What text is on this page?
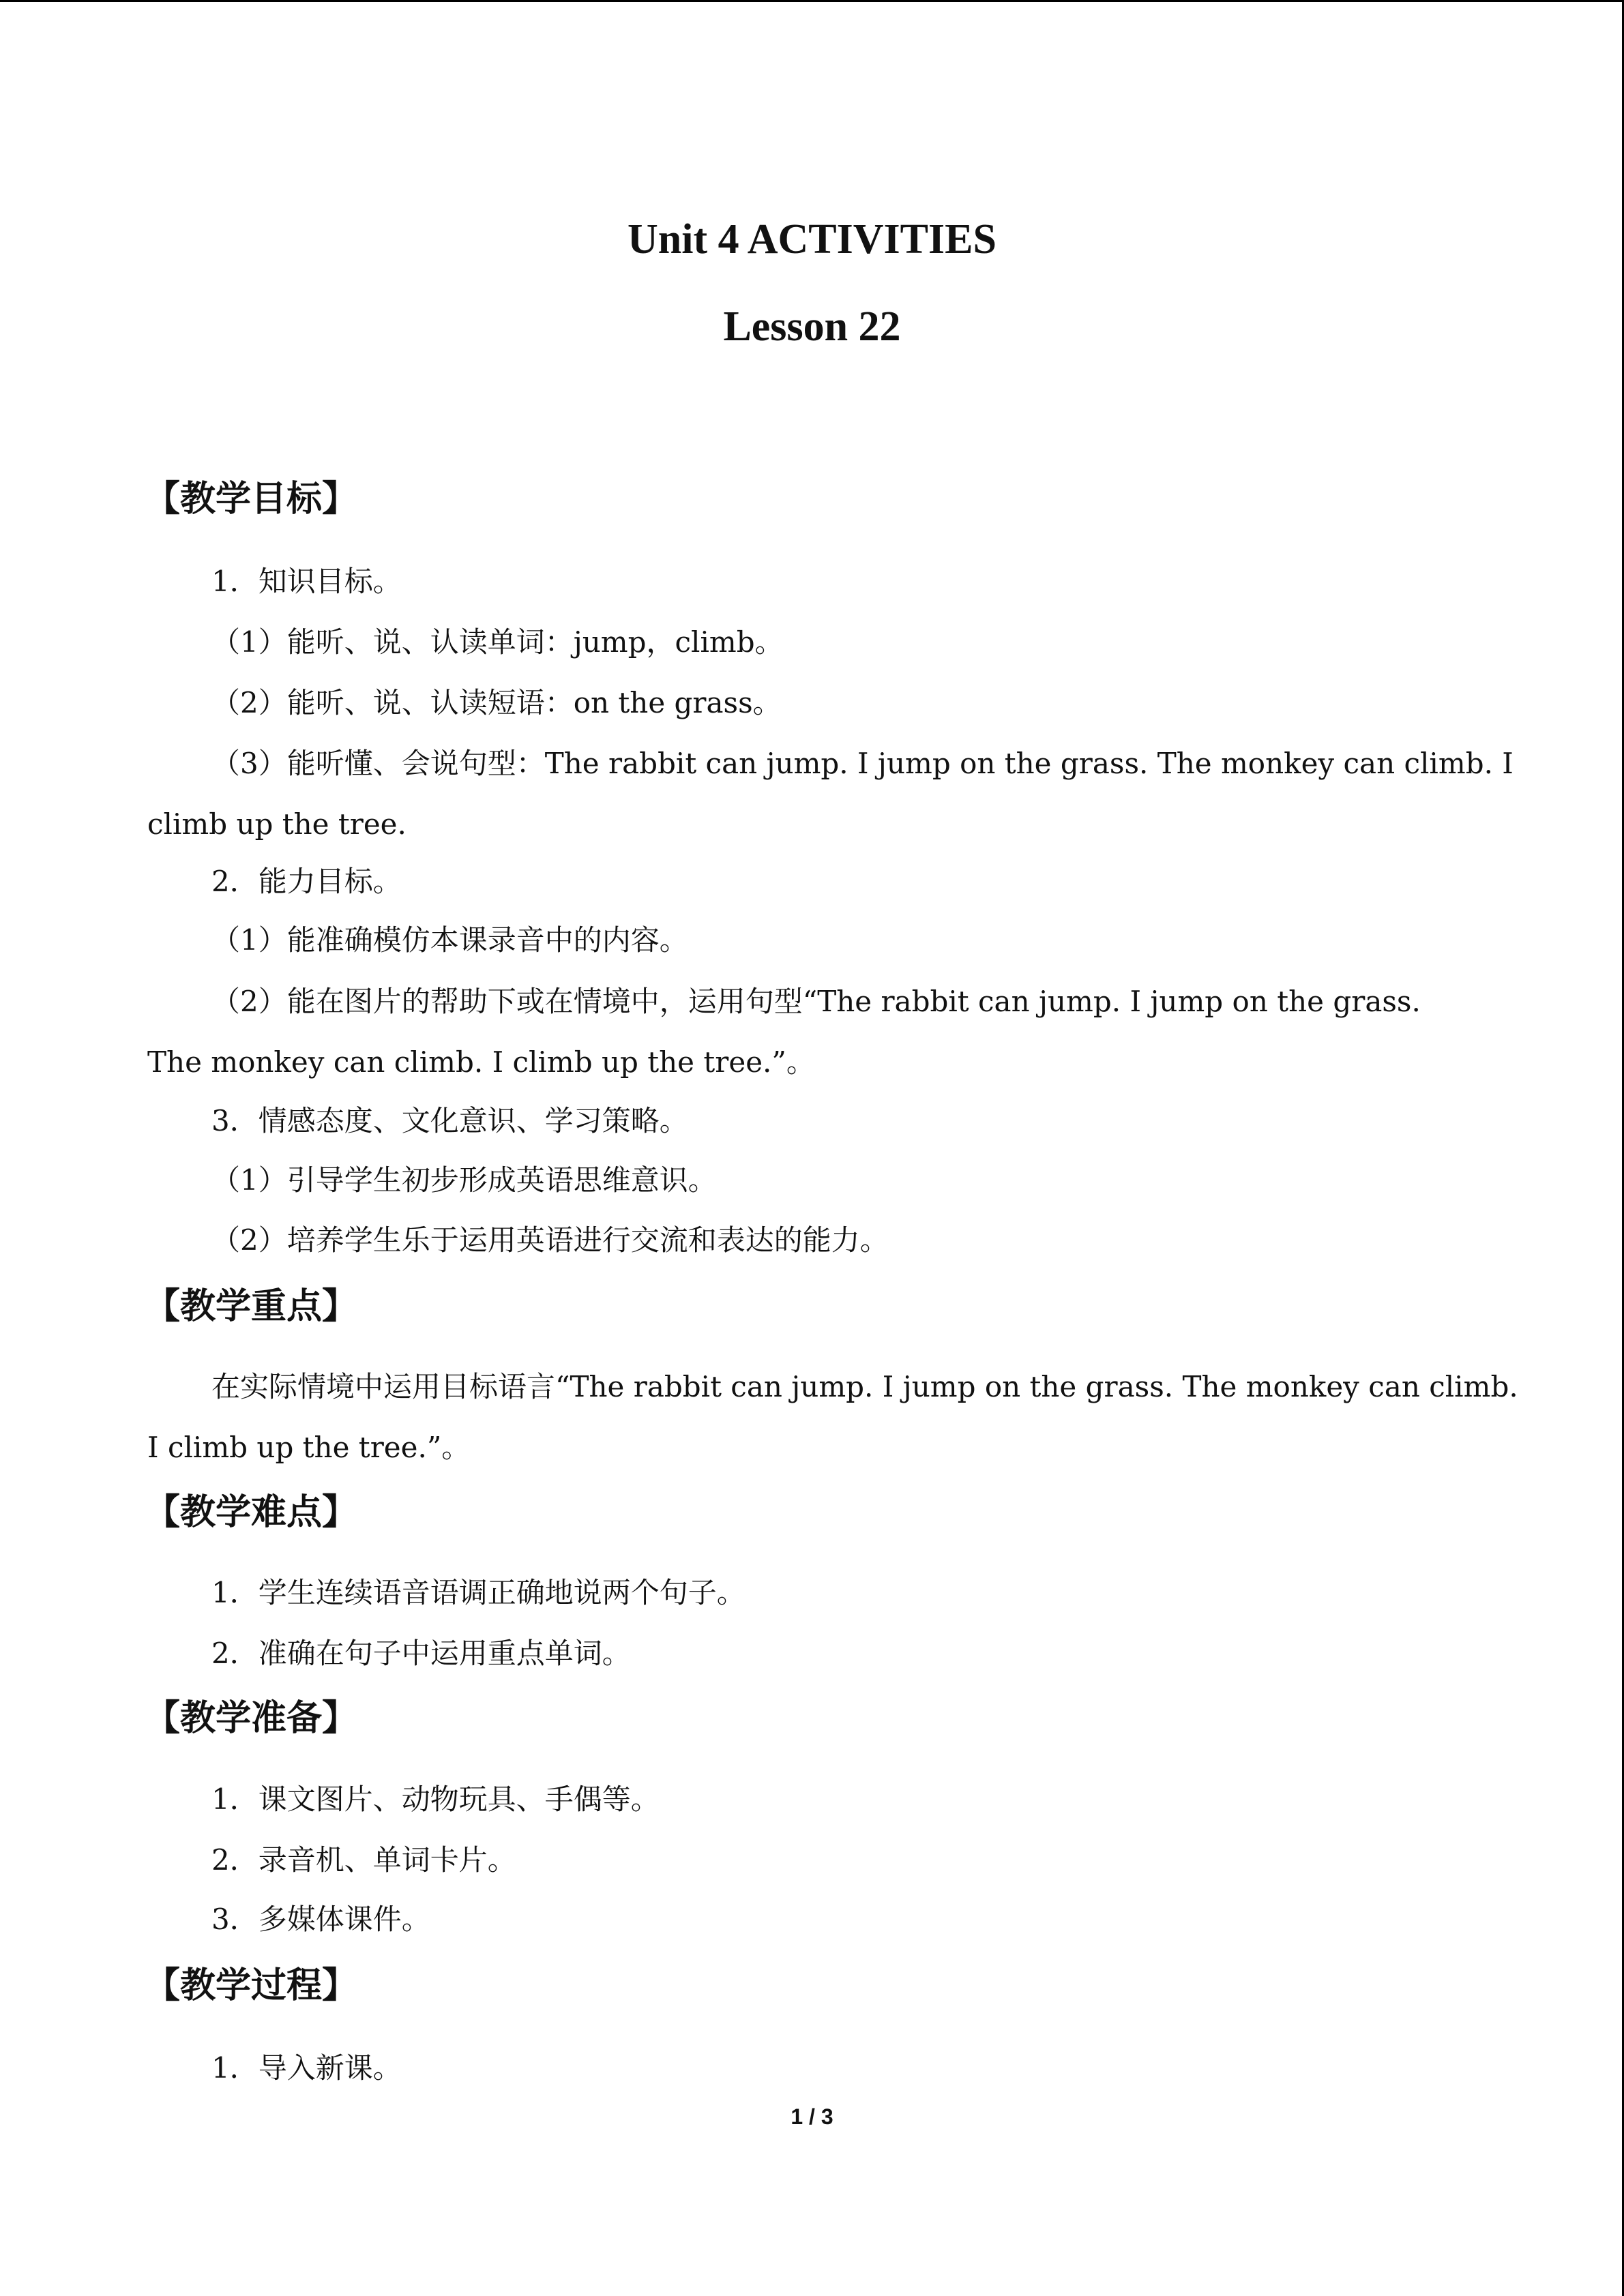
Unit 4 ACTIVITIES
Lesson 22
【教学目标】
1．知识目标。
（1）能听、说、认读单词：jump，climb。
（2）能听、说、认读短语：on the grass。
（3）能听懂、会说句型：The rabbit can jump. I jump on the grass. The monkey can climb. I
climb up the tree.
2．能力目标。
（1）能准确模仿本课录音中的内容。
（2）能在图片的帮助下或在情境中，运用句型“The rabbit can jump. I jump on the grass.
The monkey can climb. I climb up the tree.”。
3．情感态度、文化意识、学习策略。
（1）引导学生初步形成英语思维意识。
（2）培养学生乐于运用英语进行交流和表达的能力。
【教学重点】
在实际情境中运用目标语言“The rabbit can jump. I jump on the grass. The monkey can climb.
I climb up the tree.”。
【教学难点】
1．学生连续语音语调正确地说两个句子。
2．准确在句子中运用重点单词。
【教学准备】
1．课文图片、动物玩具、手偶等。
2．录音机、单词卡片。
3．多媒体课件。
【教学过程】
1．导入新课。
1 / 3
